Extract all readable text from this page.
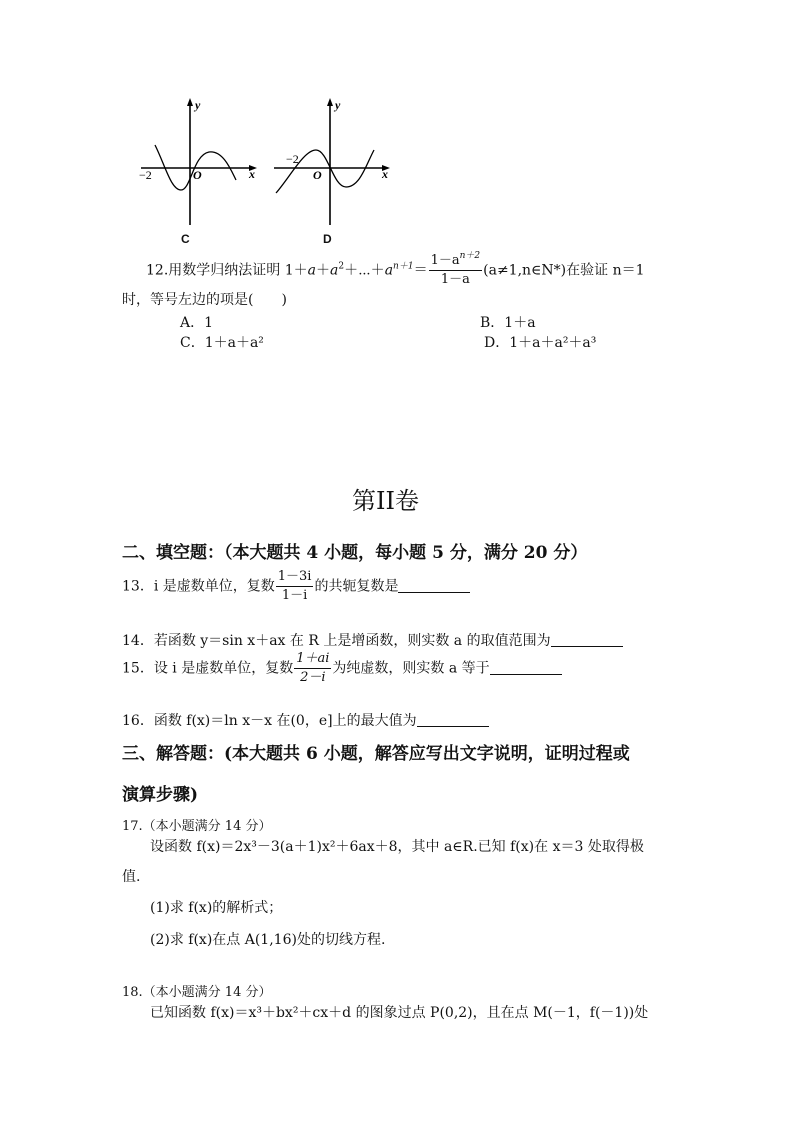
y
x
O
−2
C
y
x
O
−2
D
12.用数学归纳法证明 $1+a+a^2+\cdots+a^{n+1}= \frac{1-a^{n+2}}{1-a}$ (a≠1,n∈N*)在验证 n＝1
时，等号左边的项是(　　)
A．1	B．1＋a
C．1＋a＋a²	D．1＋a＋a²＋a³
第II卷
二、填空题：（本大题共 4 小题，每小题 5 分，满分 20 分）
13．i 是虚数单位，复数 $\frac{1-3i}{1-i}$ 的共轭复数是
14．若函数 y＝sin x＋ax 在 R 上是增函数，则实数 a 的取值范围为
15．设 i 是虚数单位，复数 $\frac{1+ai}{2-i}$ 为纯虚数，则实数 a 等于
16．函数 f(x)＝ln x－x 在(0，e]上的最大值为
三、解答题：(本大题共 6 小题，解答应写出文字说明，证明过程或
演算步骤)
17.（本小题满分 14 分）
设函数 f(x)＝2x³－3(a＋1)x²＋6ax＋8，其中 a∈R.已知 f(x)在 x＝3 处取得极
值.
(1)求 f(x)的解析式；
(2)求 f(x)在点 A(1,16)处的切线方程.
18.（本小题满分 14 分）
已知函数 f(x)＝x³＋bx²＋cx＋d 的图象过点 P(0,2)，且在点 M(－1，f(－1))处
